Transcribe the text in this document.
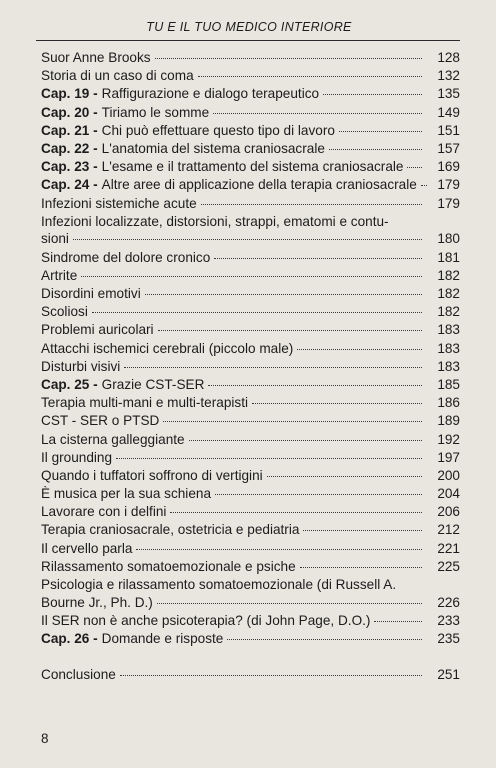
TU E IL TUO MEDICO INTERIORE
Suor Anne Brooks	128
Storia di un caso di coma	132
Cap. 19 - Raffigurazione e dialogo terapeutico	135
Cap. 20 - Tiriamo le somme	149
Cap. 21 - Chi può effettuare questo tipo di lavoro	151
Cap. 22 - L'anatomia del sistema craniosacrale	157
Cap. 23 - L'esame e il trattamento del sistema craniosacrale	169
Cap. 24 - Altre aree di applicazione della terapia craniosacrale	179
Infezioni sistemiche acute	179
Infezioni localizzate, distorsioni, strappi, ematomi e contu-
sioni	180
Sindrome del dolore cronico	181
Artrite	182
Disordini emotivi	182
Scoliosi	182
Problemi auricolari	183
Attacchi ischemici cerebrali (piccolo male)	183
Disturbi visivi	183
Cap. 25 - Grazie CST-SER	185
Terapia multi-mani e multi-terapisti	186
CST - SER o PTSD	189
La cisterna galleggiante	192
Il grounding	197
Quando i tuffatori soffrono di vertigini	200
È musica per la sua schiena	204
Lavorare con i delfini	206
Terapia craniosacrale, ostetricia e pediatria	212
Il cervello parla	221
Rilassamento somatoemozionale e psiche	225
Psicologia e rilassamento somatoemozionale (di Russell A.
Bourne Jr., Ph. D.)	226
Il SER non è anche psicoterapia? (di John Page, D.O.)	233
Cap. 26 - Domande e risposte	235
Conclusione	251
8
